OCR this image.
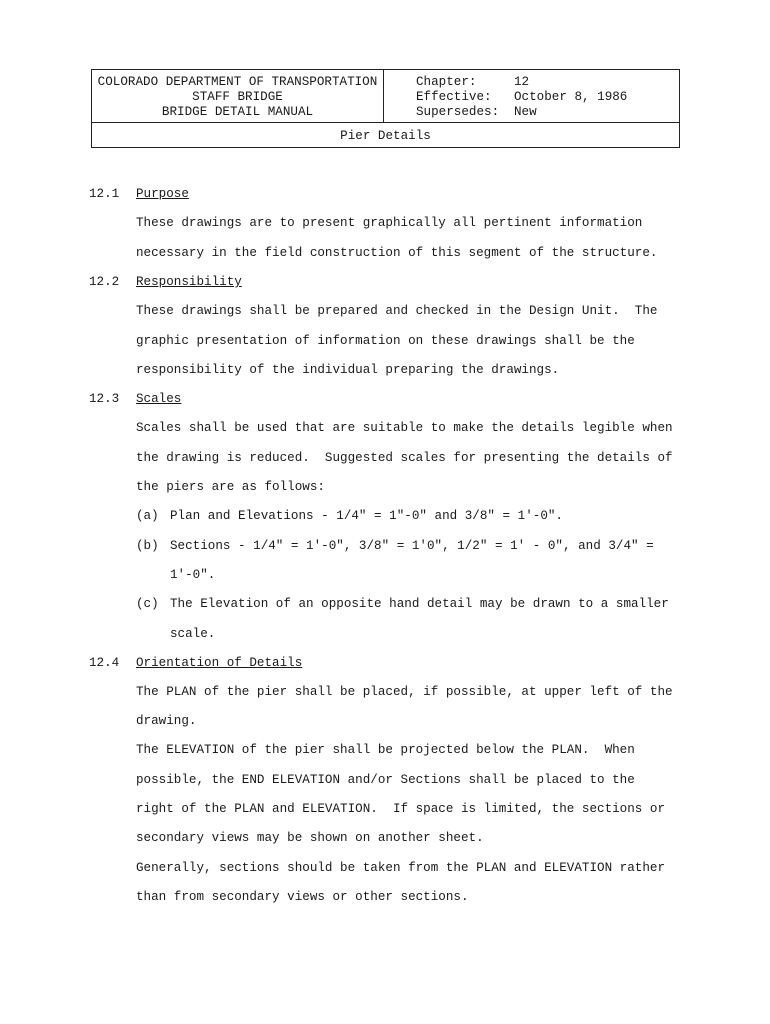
COLORADO DEPARTMENT OF TRANSPORTATION
STAFF BRIDGE
BRIDGE DETAIL MANUAL
Chapter:	12
Effective: October 8, 1986
Supersedes: New
Pier Details
12.1 Purpose
These drawings are to present graphically all pertinent information
necessary in the field construction of this segment of the structure.
12.2 Responsibility
These drawings shall be prepared and checked in the Design Unit.  The
graphic presentation of information on these drawings shall be the
responsibility of the individual preparing the drawings.
12.3 Scales
Scales shall be used that are suitable to make the details legible when
the drawing is reduced.  Suggested scales for presenting the details of
the piers are as follows:
(a) Plan and Elevations - 1/4″ = 1″-0″ and 3/8″ = 1′-0″.
(b) Sections - 1/4″ = 1′-0″, 3/8″ = 1′0″, 1/2″ = 1′ - 0″, and 3/4″ =
1′-0″.
(c) The Elevation of an opposite hand detail may be drawn to a smaller
scale.
12.4 Orientation of Details
The PLAN of the pier shall be placed, if possible, at upper left of the
drawing.
The ELEVATION of the pier shall be projected below the PLAN.  When
possible, the END ELEVATION and/or Sections shall be placed to the
right of the PLAN and ELEVATION.  If space is limited, the sections or
secondary views may be shown on another sheet.
Generally, sections should be taken from the PLAN and ELEVATION rather
than from secondary views or other sections.
